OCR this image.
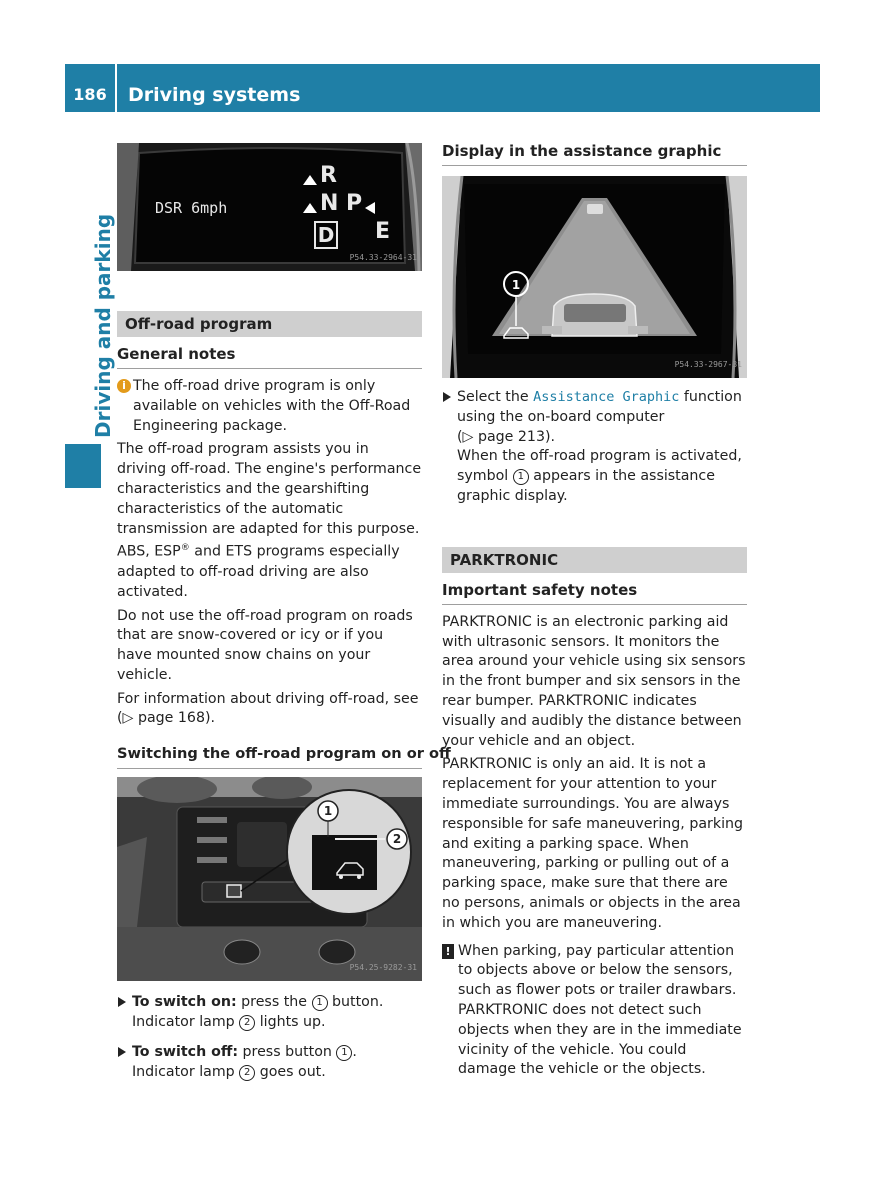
186	Driving systems
Driving and parking
DSR 6mph
R
N P
D E
P54.33-2964-31
Off-road program
General notes
i The off-road drive program is only available on vehicles with the Off-Road Engineering package.

The off-road program assists you in driving off-road. The engine's performance characteristics and the gearshifting characteristics of the automatic transmission are adapted for this purpose. ABS, ESP® and ETS programs especially adapted to off-road driving are also activated.

Do not use the off-road program on roads that are snow-covered or icy or if you have mounted snow chains on your vehicle.

For information about driving off-road, see (▷ page 168).

Switching the off-road program on or off
1
2
P54.25-9282-31
To switch on: press the 1 button.
Indicator lamp 2 lights up.
To switch off: press button 1 .
Indicator lamp 2 goes out.
Display in the assistance graphic
1
P54.33-2967-31
Select the Assistance Graphic function using the on-board computer
(▷ page 213).
When the off-road program is activated, symbol 1 appears in the assistance graphic display.
PARKTRONIC
Important safety notes

PARKTRONIC is an electronic parking aid with ultrasonic sensors. It monitors the area around your vehicle using six sensors in the front bumper and six sensors in the rear bumper. PARKTRONIC indicates visually and audibly the distance between your vehicle and an object.

PARKTRONIC is only an aid. It is not a replacement for your attention to your immediate surroundings. You are always responsible for safe maneuvering, parking and exiting a parking space. When maneuvering, parking or pulling out of a parking space, make sure that there are no persons, animals or objects in the area in which you are maneuvering.

! When parking, pay particular attention to objects above or below the sensors, such as flower pots or trailer drawbars. PARKTRONIC does not detect such objects when they are in the immediate vicinity of the vehicle. You could damage the vehicle or the objects.
